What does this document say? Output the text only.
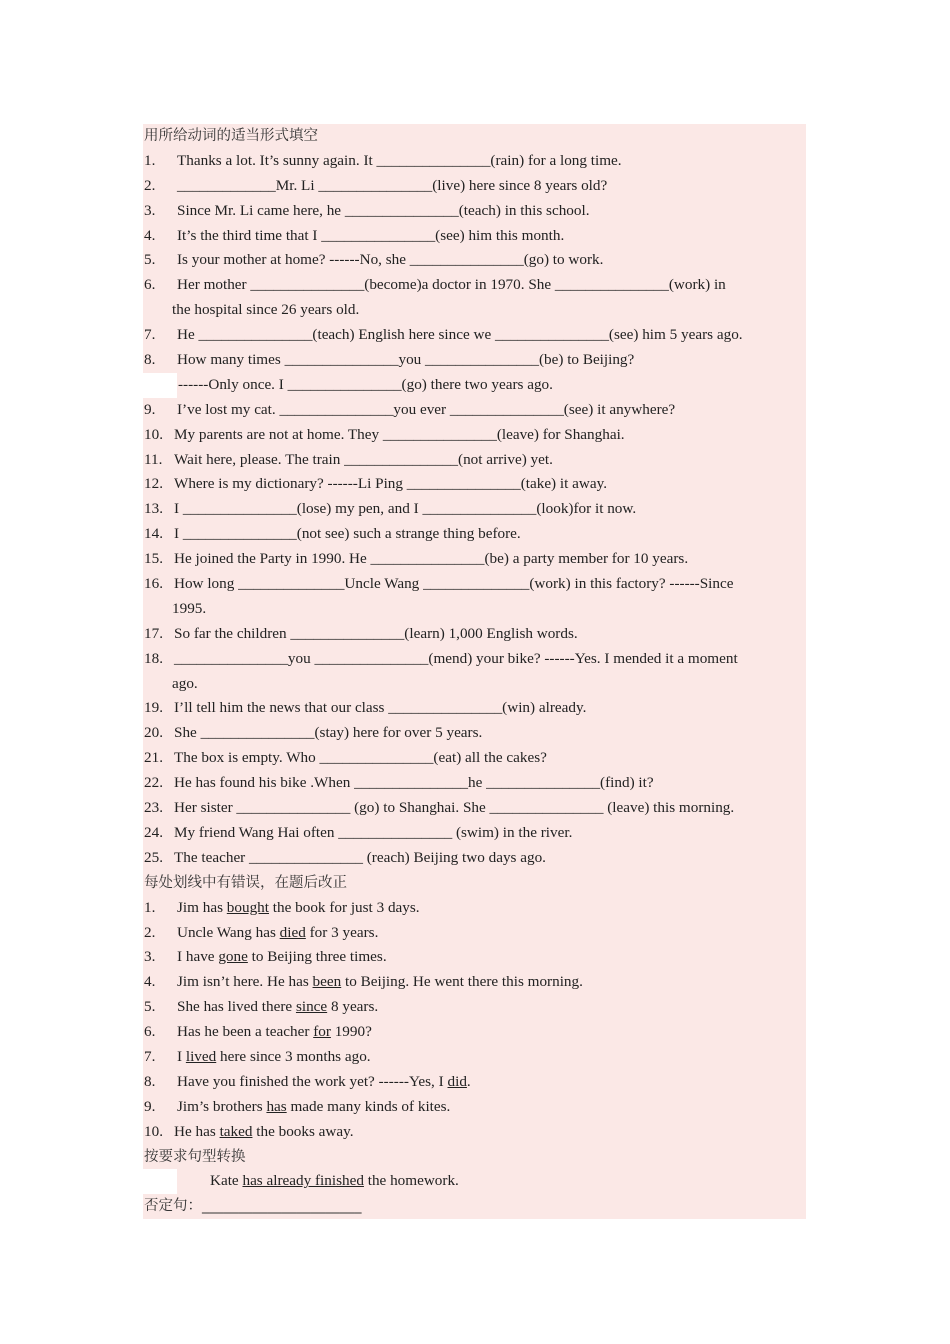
用所给动词的适当形式填空
1. Thanks a lot. It’s sunny again. It _______________(rain) for a long time.
2. _____________Mr. Li _______________(live) here since 8 years old?
3. Since Mr. Li came here, he _______________(teach) in this school.
4. It’s the third time that I _______________(see) him this month.
5. Is your mother at home? ------No, she _______________(go) to work.
6. Her mother _______________(become)a doctor in 1970. She _______________(work) in
the hospital since 26 years old.
7. He _______________(teach) English here since we _______________(see) him 5 years ago.
8. How many times _______________you _______________(be) to Beijing?
------Only once. I _______________(go) there two years ago.
9. I’ve lost my cat. _______________you ever _______________(see) it anywhere?
10. My parents are not at home. They _______________(leave) for Shanghai.
11. Wait here, please. The train _______________(not arrive) yet.
12. Where is my dictionary? ------Li Ping _______________(take) it away.
13. I _______________(lose) my pen, and I _______________(look)for it now.
14. I _______________(not see) such a strange thing before.
15. He joined the Party in 1990. He _______________(be) a party member for 10 years.
16. How long ______________Uncle Wang ______________(work) in this factory? ------Since
1995.
17. So far the children _______________(learn) 1,000 English words.
18. _______________you _______________(mend) your bike? ------Yes. I mended it a moment
ago.
19. I’ll tell him the news that our class _______________(win) already.
20. She _______________(stay) here for over 5 years.
21. The box is empty. Who _______________(eat) all the cakes?
22. He has found his bike .When _______________he _______________(find) it?
23. Her sister _______________ (go) to Shanghai. She _______________ (leave) this morning.
24. My friend Wang Hai often _______________ (swim) in the river.
25. The teacher _______________ (reach) Beijing two days ago.
每处划线中有错误，在题后改正
1. Jim has bought the book for just 3 days.
2. Uncle Wang has died for 3 years.
3. I have gone to Beijing three times.
4. Jim isn’t here. He has been to Beijing. He went there this morning.
5. She has lived there since 8 years.
6. Has he been a teacher for 1990?
7. I lived here since 3 months ago.
8. Have you finished the work yet? ------Yes, I did.
9. Jim’s brothers has made many kinds of kites.
10. He has taked the books away.
按要求句型转换
Kate has already finished the homework.
否定句：______________________
